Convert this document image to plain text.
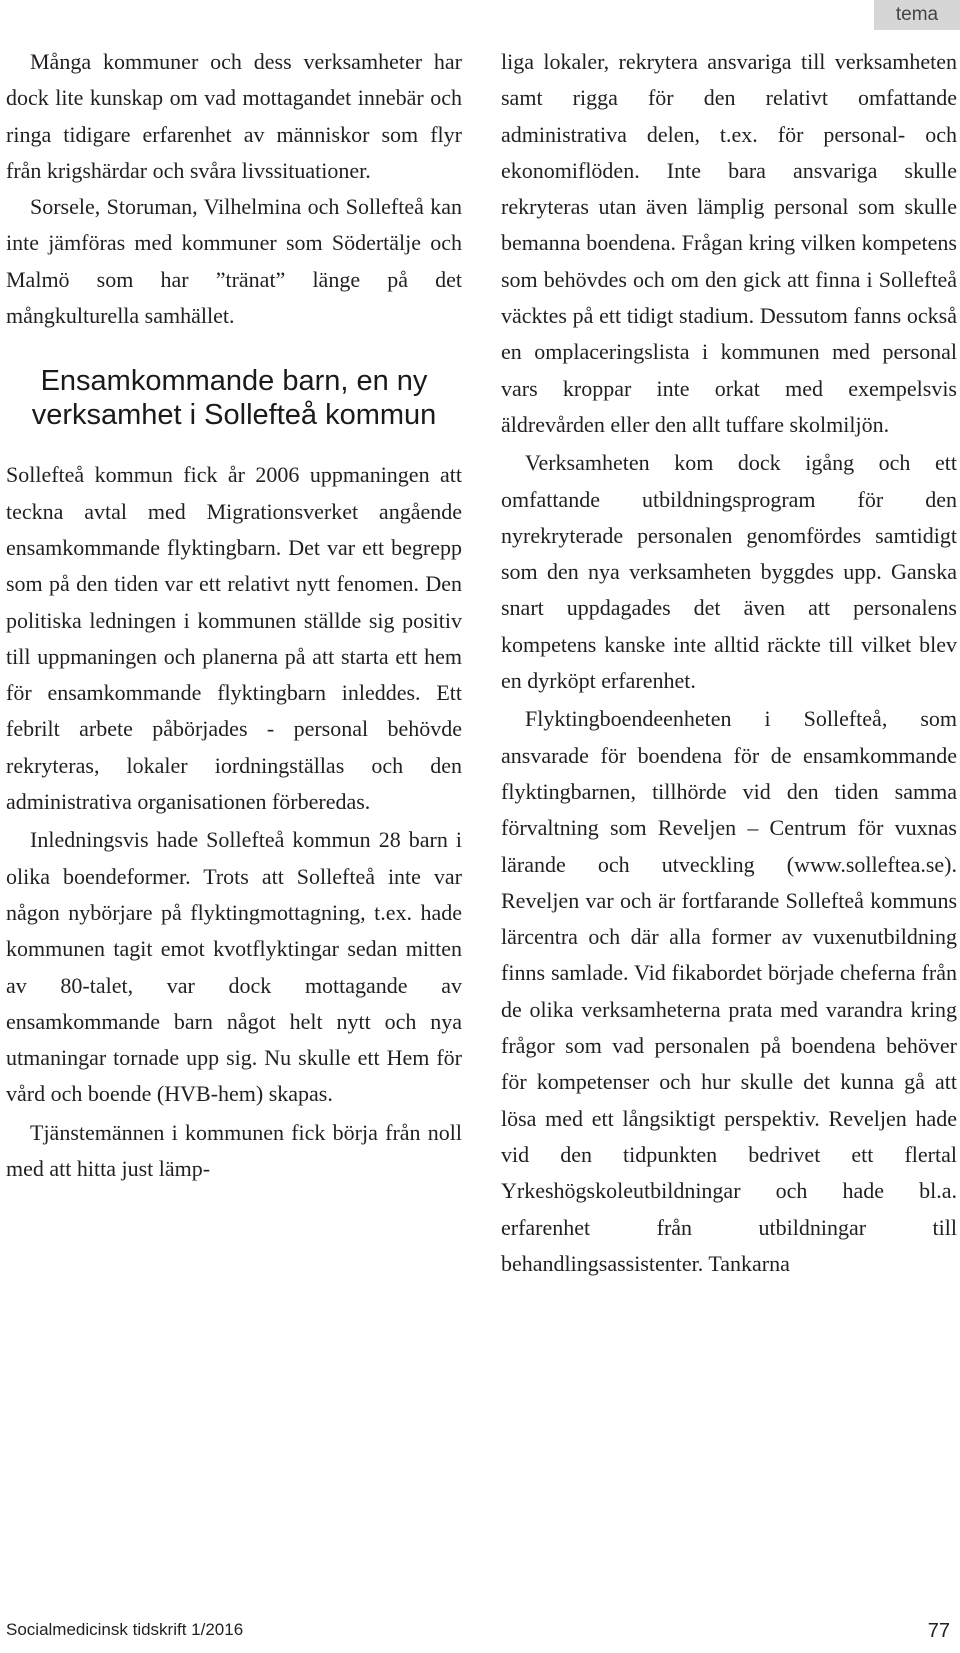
tema

Många kommuner och dess verksamheter har dock lite kunskap om vad mottagandet innebär och ringa tidigare erfarenhet av människor som flyr från krigshärdar och svåra livssituationer.

Sorsele, Storuman, Vilhelmina och Sollefteå kan inte jämföras med kommuner som Södertälje och Malmö som har ”tränat” länge på det mångkulturella samhället.

Ensamkommande barn, en ny verksamhet i Sollefteå kommun

Sollefteå kommun fick år 2006 uppmaningen att teckna avtal med Migrationsverket angående ensamkommande flyktingbarn. Det var ett begrepp som på den tiden var ett relativt nytt fenomen. Den politiska ledningen i kommunen ställde sig positiv till uppmaningen och planerna på att starta ett hem för ensamkommande flyktingbarn inleddes. Ett febrilt arbete påbörjades - personal behövde rekryteras, lokaler iordningställas och den administrativa organisationen förberedas.

Inledningsvis hade Sollefteå kommun 28 barn i olika boendeformer. Trots att Sollefteå inte var någon nybörjare på flyktingmottagning, t.ex. hade kommunen tagit emot kvotflyktingar sedan mitten av 80-talet, var dock mottagande av ensamkommande barn något helt nytt och nya utmaningar tornade upp sig. Nu skulle ett Hem för vård och boende (HVB-hem) skapas.

Tjänstemännen i kommunen fick börja från noll med att hitta just lämp-

liga lokaler, rekrytera ansvariga till verksamheten samt rigga för den relativt omfattande administrativa delen, t.ex. för personal- och ekonomiflöden. Inte bara ansvariga skulle rekryteras utan även lämplig personal som skulle bemanna boendena. Frågan kring vilken kompetens som behövdes och om den gick att finna i Sollefteå väcktes på ett tidigt stadium. Dessutom fanns också en omplaceringslista i kommunen med personal vars kroppar inte orkat med exempelsvis äldrevården eller den allt tuffare skolmiljön.

Verksamheten kom dock igång och ett omfattande utbildningsprogram för den nyrekryterade personalen genomfördes samtidigt som den nya verksamheten byggdes upp. Ganska snart uppdagades det även att personalens kompetens kanske inte alltid räckte till vilket blev en dyrköpt erfarenhet.

Flyktingboendeenheten i Sollefteå, som ansvarade för boendena för de ensamkommande flyktingbarnen, tillhörde vid den tiden samma förvaltning som Reveljen – Centrum för vuxnas lärande och utveckling (www.solleftea.se). Reveljen var och är fortfarande Sollefteå kommuns lärcentra och där alla former av vuxenutbildning finns samlade. Vid fikabordet började cheferna från de olika verksamheterna prata med varandra kring frågor som vad personalen på boendena behöver för kompetenser och hur skulle det kunna gå att lösa med ett långsiktigt perspektiv. Reveljen hade vid den tidpunkten bedrivet ett flertal Yrkeshögskoleutbildningar och hade bl.a. erfarenhet från utbildningar till behandlingsassistenter. Tankarna

Socialmedicinsk tidskrift 1/2016	77
